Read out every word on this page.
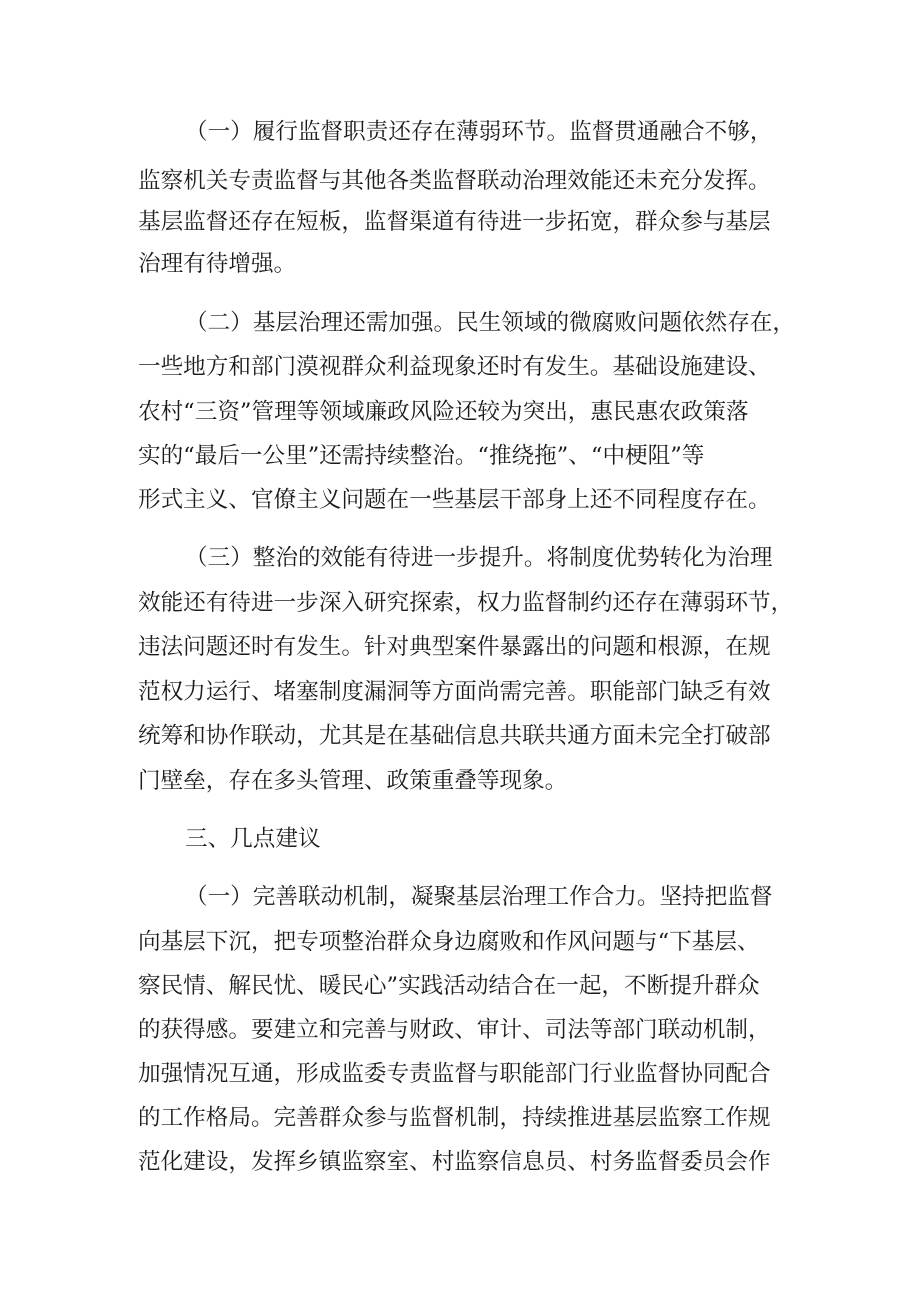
（一）履行监督职责还存在薄弱环节。监督贯通融合不够，
监察机关专责监督与其他各类监督联动治理效能还未充分发挥。
基层监督还存在短板，监督渠道有待进一步拓宽，群众参与基层
治理有待增强。
（二）基层治理还需加强。民生领域的微腐败问题依然存在，
一些地方和部门漠视群众利益现象还时有发生。基础设施建设、
农村“三资”管理等领域廉政风险还较为突出，惠民惠农政策落
实的“最后一公里”还需持续整治。“推绕拖”、“中梗阻”等
形式主义、官僚主义问题在一些基层干部身上还不同程度存在。
（三）整治的效能有待进一步提升。将制度优势转化为治理
效能还有待进一步深入研究探索，权力监督制约还存在薄弱环节，
违法问题还时有发生。针对典型案件暴露出的问题和根源，在规
范权力运行、堵塞制度漏洞等方面尚需完善。职能部门缺乏有效
统筹和协作联动，尤其是在基础信息共联共通方面未完全打破部
门壁垒，存在多头管理、政策重叠等现象。
三、几点建议
（一）完善联动机制，凝聚基层治理工作合力。坚持把监督
向基层下沉，把专项整治群众身边腐败和作风问题与“下基层、
察民情、解民忧、暖民心”实践活动结合在一起，不断提升群众
的获得感。要建立和完善与财政、审计、司法等部门联动机制，
加强情况互通，形成监委专责监督与职能部门行业监督协同配合
的工作格局。完善群众参与监督机制，持续推进基层监察工作规
范化建设，发挥乡镇监察室、村监察信息员、村务监督委员会作
